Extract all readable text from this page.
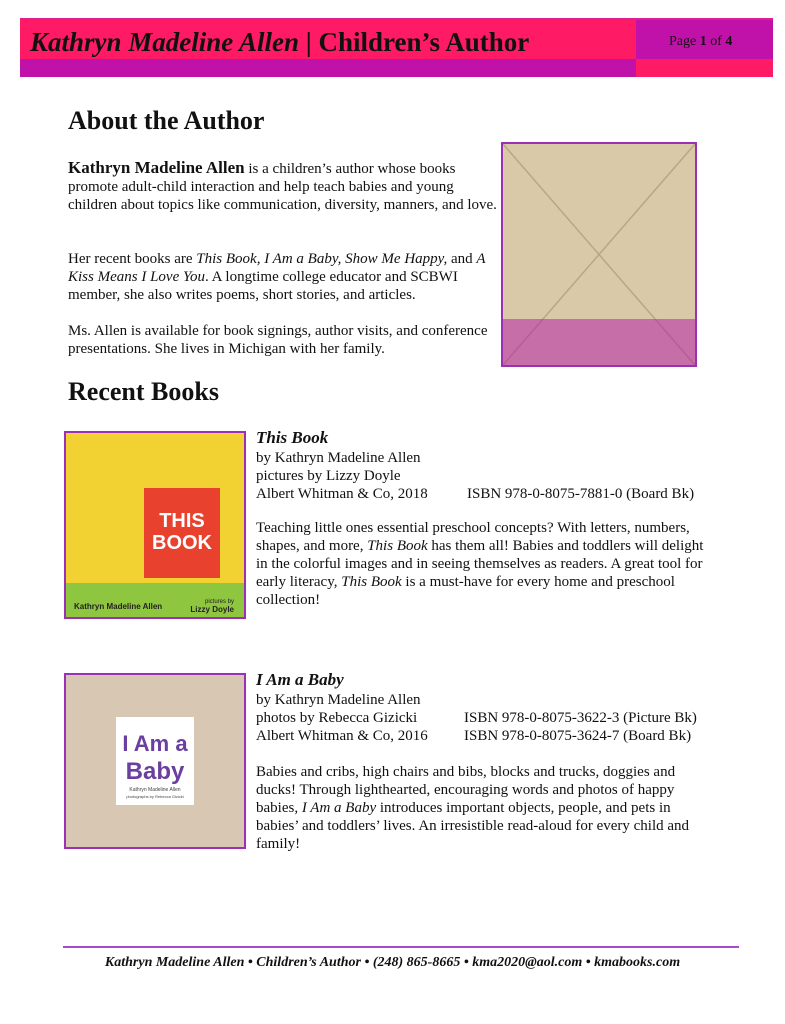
Kathryn Madeline Allen | Children’s Author	Page 1 of 4
About the Author

Kathryn Madeline Allen is a children’s author whose books promote adult-child interaction and help teach babies and young children about topics like communication, diversity, manners, and love.

Her recent books are This Book, I Am a Baby, Show Me Happy, and A Kiss Means I Love You. A longtime college educator and SCBWI member, she also writes poems, short stories, and articles.

Ms. Allen is available for book signings, author visits, and conference presentations. She lives in Michigan with her family.

Recent Books
THIS BOOK
Kathryn Madeline Allen	pictures by
Lizzy Doyle
This Book
by Kathryn Madeline Allen
pictures by Lizzy Doyle
Albert Whitman & Co, 2018	ISBN 978-0-8075-7881-0 (Board Bk)

Teaching little ones essential preschool concepts? With letters, numbers, shapes, and more, This Book has them all! Babies and toddlers will delight in the colorful images and in seeing themselves as readers. A great tool for early literacy, This Book is a must-have for every home and preschool collection!

I Am a
Baby
Kathryn Madeline Allen
photographs by Rebecca Gizicki
I Am a Baby
by Kathryn Madeline Allen
photos by Rebecca Gizicki	ISBN 978-0-8075-3622-3 (Picture Bk)
Albert Whitman & Co, 2016 ISBN 978-0-8075-3624-7 (Board Bk)

Babies and cribs, high chairs and bibs, blocks and trucks, doggies and ducks! Through lighthearted, encouraging words and photos of happy babies, I Am a Baby introduces important objects, people, and pets in babies’ and toddlers’ lives. An irresistible read-aloud for every child and family!

Kathryn Madeline Allen • Children’s Author • (248) 865-8665 • kma2020@aol.com • kmabooks.com
